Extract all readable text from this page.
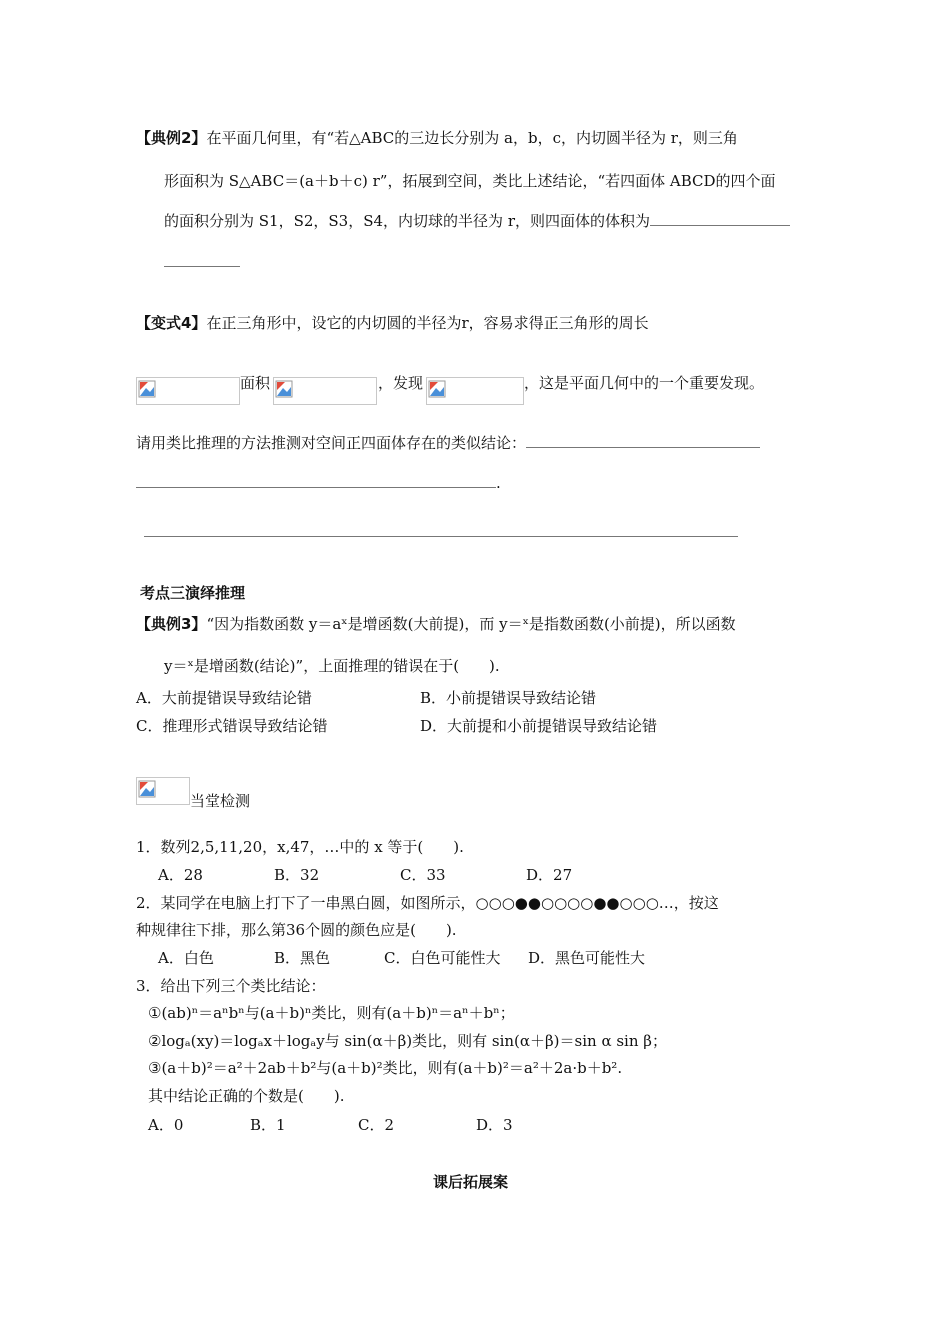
【典例2】在平面几何里，有“若△ABC的三边长分别为 a，b，c，内切圆半径为 r，则三角
形面积为 S△ABC＝(a＋b＋c) r”，拓展到空间，类比上述结论，“若四面体 ABCD的四个面
的面积分别为 S1，S2，S3，S4，内切球的半径为 r，则四面体的体积为
【变式4】在正三角形中，设它的内切圆的半径为r，容易求得正三角形的周长
面积	，发现	，这是平面几何中的一个重要发现。
请用类比推理的方法推测对空间正四面体存在的类似结论：
.
考点三演绎推理
【典例3】“因为指数函数 y＝aˣ是增函数(大前提)，而 y＝ˣ是指数函数(小前提)，所以函数
y＝ˣ是增函数(结论)”，上面推理的错误在于(　　).
A．大前提错误导致结论错	B．小前提错误导致结论错
C．推理形式错误导致结论错	D．大前提和小前提错误导致结论错
当堂检测
1．数列2,5,11,20，x,47，…中的 x 等于(　　).
A．28	B．32	C．33	D．27
2．某同学在电脑上打下了一串黑白圆，如图所示，○○○●●○○○○●●○○○…，按这
种规律往下排，那么第36个圆的颜色应是(　　).
A．白色	B．黑色	C．白色可能性大 D．黑色可能性大
3．给出下列三个类比结论：
①(ab)ⁿ＝aⁿbⁿ与(a＋b)ⁿ类比，则有(a＋b)ⁿ＝aⁿ＋bⁿ；
②logₐ(xy)＝logₐx＋logₐy与 sin(α＋β)类比，则有 sin(α＋β)＝sin α sin β；
③(a＋b)²＝a²＋2ab＋b²与(a＋b)²类比，则有(a＋b)²＝a²＋2a·b＋b².
其中结论正确的个数是(　　).
A．0	B．1	C．2	D．3
课后拓展案
